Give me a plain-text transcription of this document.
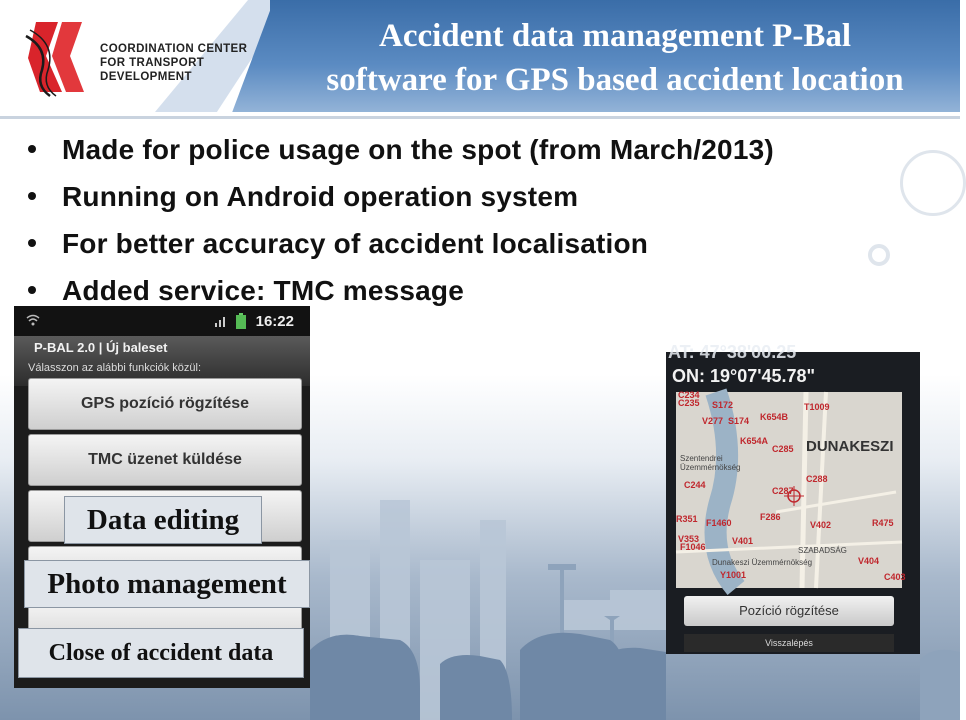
COORDINATION CENTER
FOR TRANSPORT
DEVELOPMENT
Accident data management P-Bal
software for GPS based accident location
Made for police usage on the spot (from March/2013)
Running on Android operation system
For better accuracy of accident localisation
Added service: TMC message
16:22
P-BAL 2.0 | Új baleset
Válasszon az alábbi funkciók közül:
GPS pozíció rögzítése
TMC üzenet küldése
Data editing
Photo management
Close of accident data
ON: 19°07'45.78"
C234
C235 S172
V277 S174 K654B
T1009
K654A
C285
C288
C244
C287
R351 F1460
F286
V402	R475
V353
F1046
V401
V404
Y1001	C403
DUNAKESZI
Szentendrei Üzemmérnökség
Dunakeszi Üzemmérnökség
SZABADSÁG
Pozíció rögzítése
Visszalépés
AT: 47°38'00.25
